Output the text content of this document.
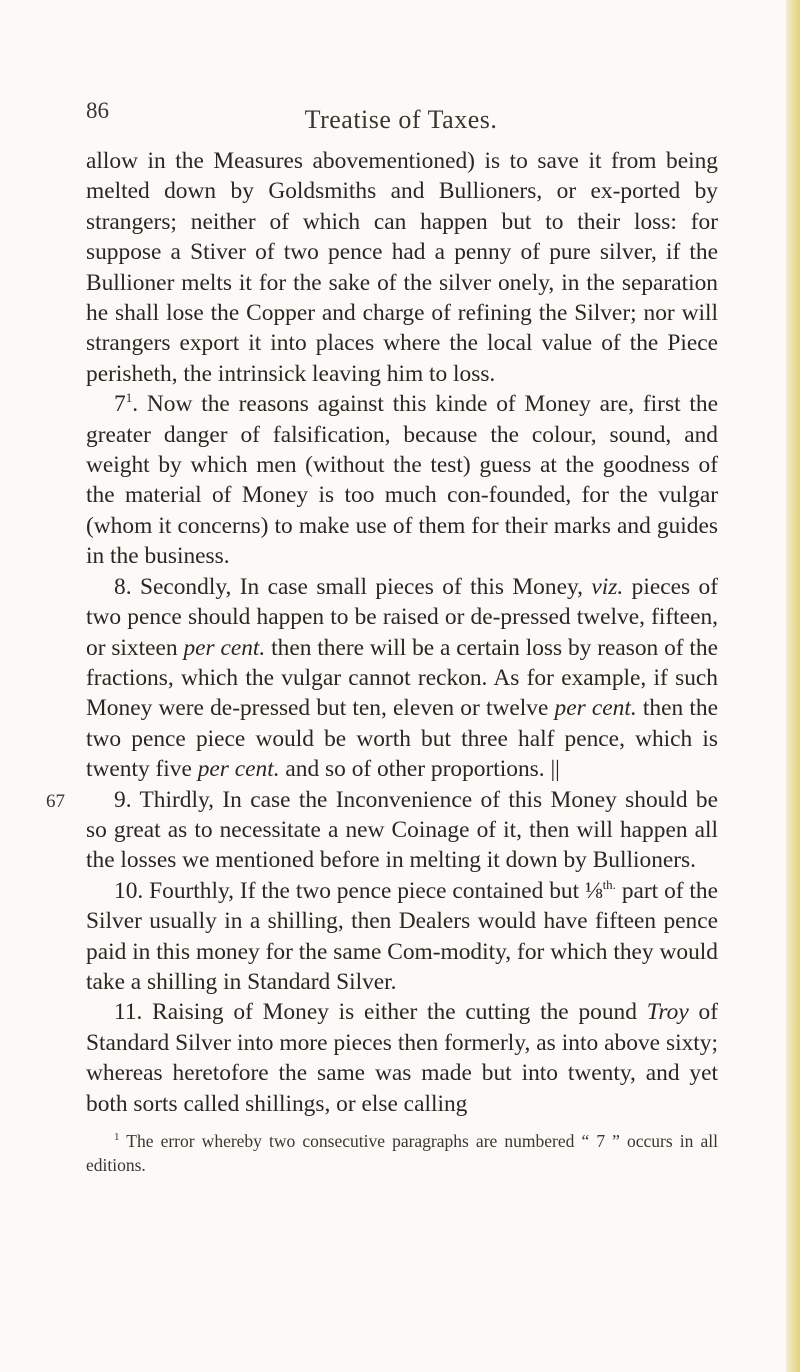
86	Treatise of Taxes.

allow in the Measures abovementioned) is to save it from being melted down by Goldsmiths and Bullioners, or ex-ported by strangers; neither of which can happen but to their loss: for suppose a Stiver of two pence had a penny of pure silver, if the Bullioner melts it for the sake of the silver onely, in the separation he shall lose the Copper and charge of refining the Silver; nor will strangers export it into places where the local value of the Piece perisheth, the intrinsick leaving him to loss.

$7^1$. Now the reasons against this kinde of Money are, first the greater danger of falsification, because the colour, sound, and weight by which men (without the test) guess at the goodness of the material of Money is too much con-founded, for the vulgar (whom it concerns) to make use of them for their marks and guides in the business.

8. Secondly, In case small pieces of this Money, viz. pieces of two pence should happen to be raised or de-pressed twelve, fifteen, or sixteen per cent. then there will be a certain loss by reason of the fractions, which the vulgar cannot reckon. As for example, if such Money were de-pressed but ten, eleven or twelve per cent. then the two pence piece would be worth but three half pence, which is twenty five per cent. and so of other proportions. ||

67 9. Thirdly, In case the Inconvenience of this Money should be so great as to necessitate a new Coinage of it, then will happen all the losses we mentioned before in melting it down by Bullioners.

10. Fourthly, If the two pence piece contained but ⅛$^{th.}$ part of the Silver usually in a shilling, then Dealers would have fifteen pence paid in this money for the same Com-modity, for which they would take a shilling in Standard Silver.

11. Raising of Money is either the cutting the pound Troy of Standard Silver into more pieces then formerly, as into above sixty; whereas heretofore the same was made but into twenty, and yet both sorts called shillings, or else calling

$^1$ The error whereby two consecutive paragraphs are numbered “ 7 ” occurs in all editions.
